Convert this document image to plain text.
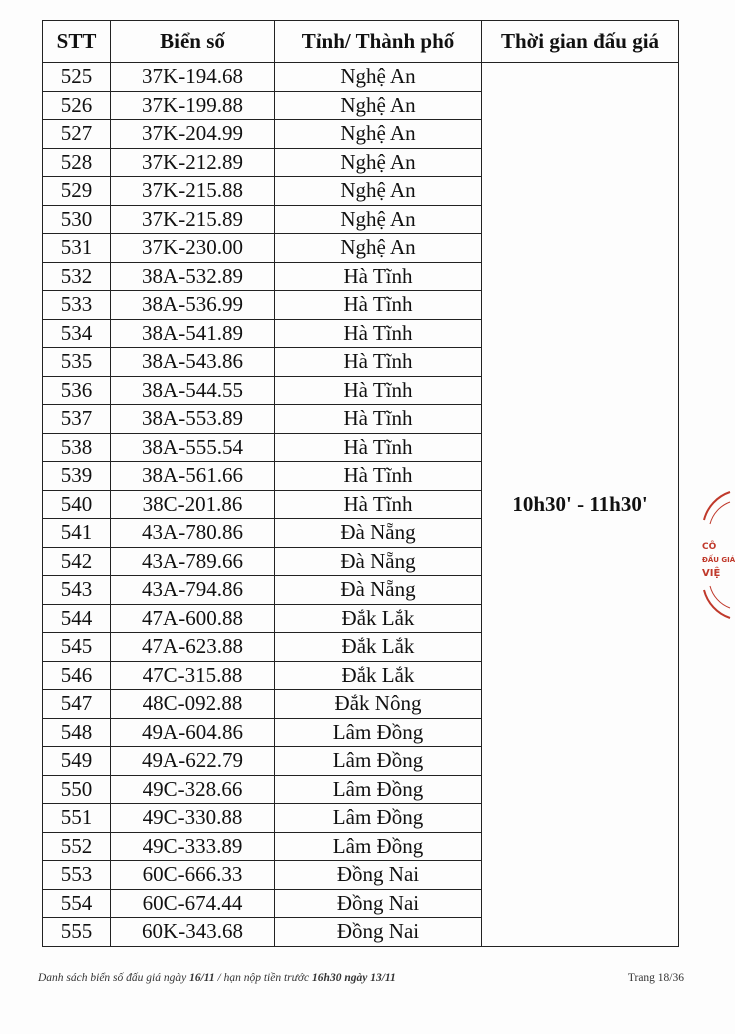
STT	Biển số	Tỉnh/ Thành phố	Thời gian đấu giá
525	37K-194.68	Nghệ An	10h30' - 11h30'
526	37K-199.88	Nghệ An	
527	37K-204.99	Nghệ An	
528	37K-212.89	Nghệ An	
529	37K-215.88	Nghệ An	
530	37K-215.89	Nghệ An	
531	37K-230.00	Nghệ An	
532	38A-532.89	Hà Tĩnh	
533	38A-536.99	Hà Tĩnh	
534	38A-541.89	Hà Tĩnh	
535	38A-543.86	Hà Tĩnh	
536	38A-544.55	Hà Tĩnh	
537	38A-553.89	Hà Tĩnh	
538	38A-555.54	Hà Tĩnh	
539	38A-561.66	Hà Tĩnh	
540	38C-201.86	Hà Tĩnh	
541	43A-780.86	Đà Nẵng	
542	43A-789.66	Đà Nẵng	
543	43A-794.86	Đà Nẵng	
544	47A-600.88	Đắk Lắk	
545	47A-623.88	Đắk Lắk	
546	47C-315.88	Đắk Lắk	
547	48C-092.88	Đắk Nông	
548	49A-604.86	Lâm Đồng	
549	49A-622.79	Lâm Đồng	
550	49C-328.66	Lâm Đồng	
551	49C-330.88	Lâm Đồng	
552	49C-333.89	Lâm Đồng	
553	60C-666.33	Đồng Nai	
554	60C-674.44	Đồng Nai	
555	60K-343.68	Đồng Nai	
Danh sách biển số đấu giá ngày 16/11 / hạn nộp tiền trước 16h30 ngày 13/11	Trang 18/36
CÔ
ĐẤU GIÁ
VIỆ
